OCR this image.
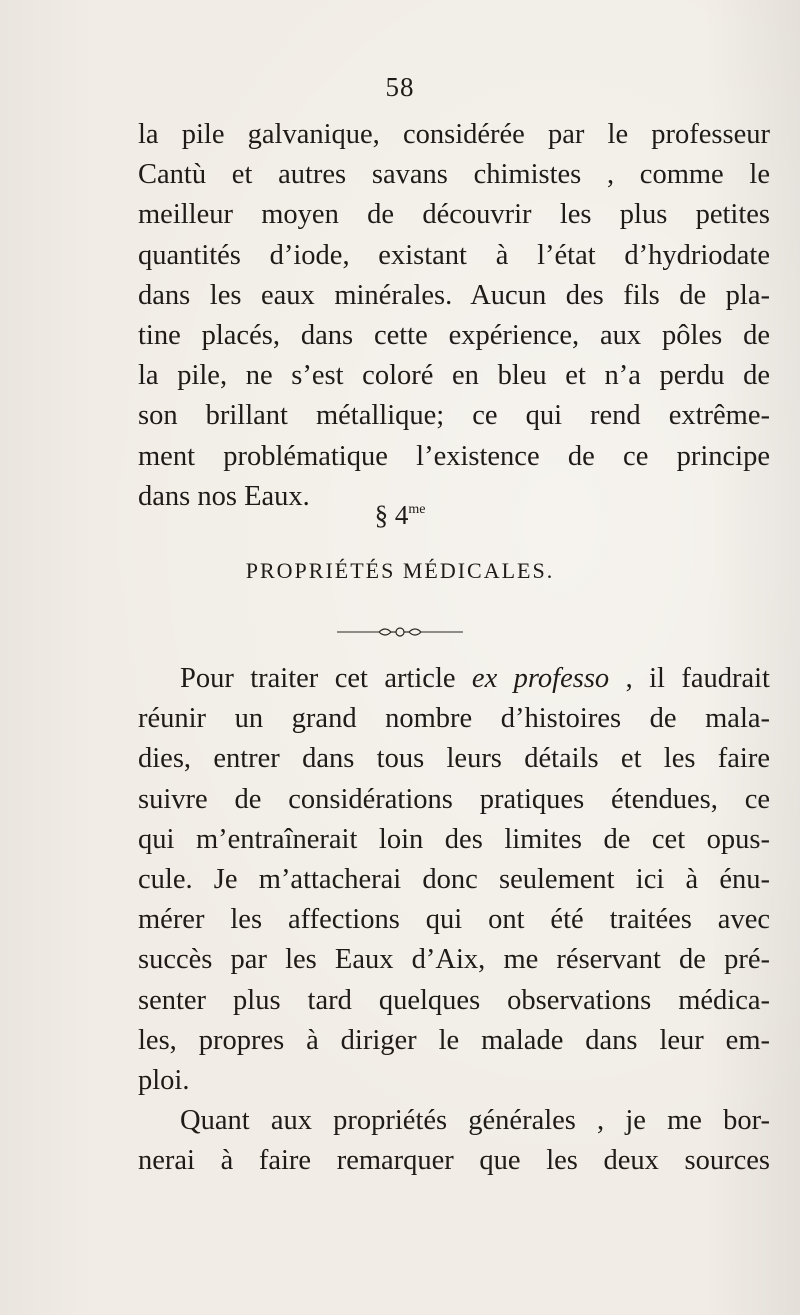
58
la pile galvanique, considérée par le professeur
Cantù et autres savans chimistes , comme le
meilleur moyen de découvrir les plus petites
quantités d’iode, existant à l’état d’hydriodate
dans les eaux minérales. Aucun des fils de pla-
tine placés, dans cette expérience, aux pôles de
la pile, ne s’est coloré en bleu et n’a perdu de
son brillant métallique; ce qui rend extrême-
ment problématique l’existence de ce principe
dans nos Eaux.
§ $4^{me}$
PROPRIÉTÉS MÉDICALES.
Pour traiter cet article ex professo , il faudrait
réunir un grand nombre d’histoires de mala-
dies, entrer dans tous leurs détails et les faire
suivre de considérations pratiques étendues, ce
qui m’entraînerait loin des limites de cet opus-
cule. Je m’attacherai donc seulement ici à énu-
mérer les affections qui ont été traitées avec
succès par les Eaux d’Aix, me réservant de pré-
senter plus tard quelques observations médica-
les, propres à diriger le malade dans leur em-
ploi.
Quant aux propriétés générales , je me bor-
nerai à faire remarquer que les deux sources
